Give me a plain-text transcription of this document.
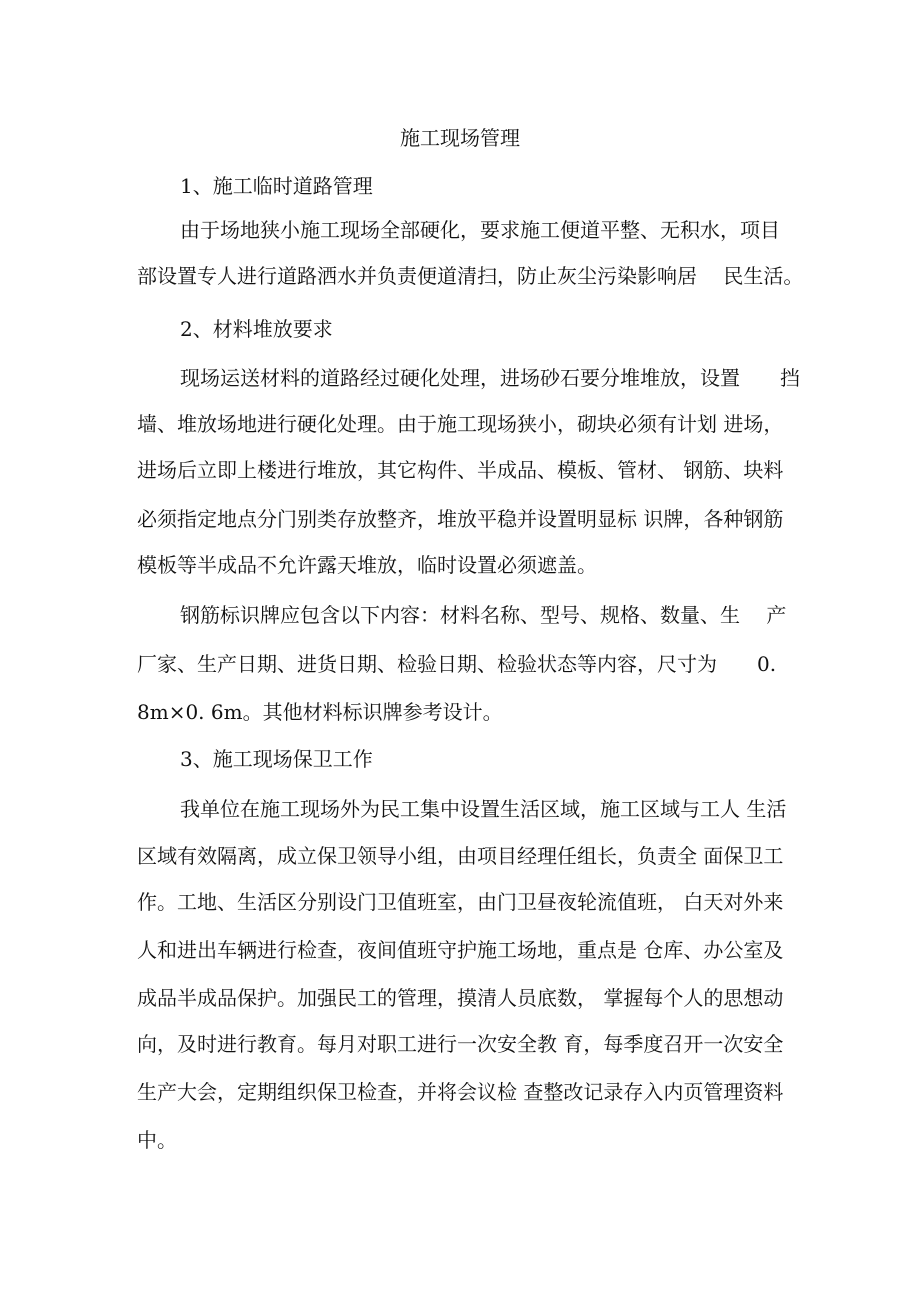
施工现场管理
1、施工临时道路管理
由于场地狭小施工现场全部硬化，要求施工便道平整、无积水，项目
部设置专人进行道路洒水并负责便道清扫，防止灰尘污染影响居　 民生活。
2、材料堆放要求
现场运送材料的道路经过硬化处理，进场砂石要分堆堆放，设置　　挡
墙、堆放场地进行硬化处理。由于施工现场狭小，砌块必须有计划 进场，
进场后立即上楼进行堆放，其它构件、半成品、模板、管材、 钢筋、块料
必须指定地点分门别类存放整齐，堆放平稳并设置明显标 识牌，各种钢筋
模板等半成品不允许露天堆放，临时设置必须遮盖。
钢筋标识牌应包含以下内容：材料名称、型号、规格、数量、生　 产
厂家、生产日期、进货日期、检验日期、检验状态等内容，尺寸为　　0.
8m×0. 6m。其他材料标识牌参考设计。
3、施工现场保卫工作
我单位在施工现场外为民工集中设置生活区域，施工区域与工人 生活
区域有效隔离，成立保卫领导小组，由项目经理任组长，负责全 面保卫工
作。工地、生活区分别设门卫值班室，由门卫昼夜轮流值班， 白天对外来
人和进出车辆进行检查，夜间值班守护施工场地，重点是 仓库、办公室及
成品半成品保护。加强民工的管理，摸清人员底数， 掌握每个人的思想动
向，及时进行教育。每月对职工进行一次安全教 育，每季度召开一次安全
生产大会，定期组织保卫检查，并将会议检 查整改记录存入内页管理资料
中。
